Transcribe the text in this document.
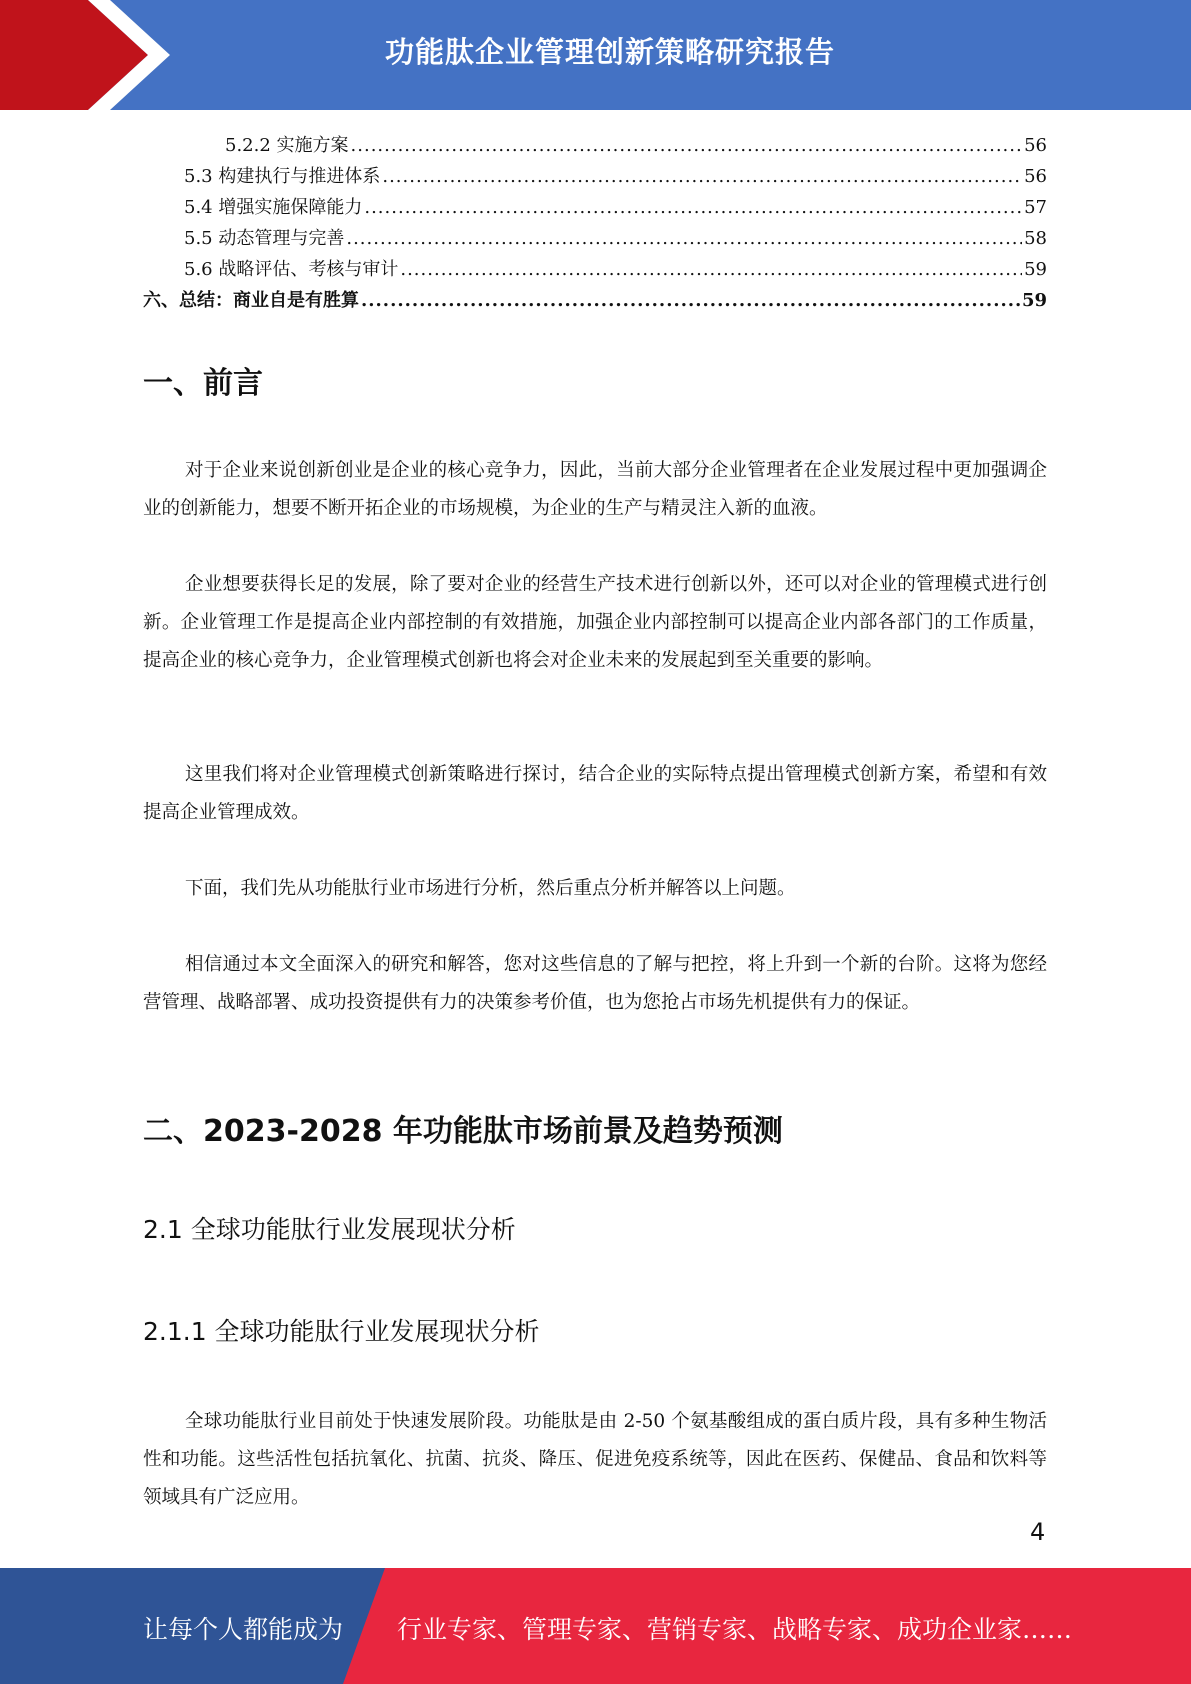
功能肽企业管理创新策略研究报告
5.2.2 实施方案 .....	56
5.3 构建执行与推进体系 .....	56
5.4 增强实施保障能力 .....	57
5.5 动态管理与完善 .....	58
5.6 战略评估、考核与审计 .....	59
六、总结：商业自是有胜算 .....	59
一、前言

对于企业来说创新创业是企业的核心竞争力，因此，当前大部分企业管理者在企业发展过程中更加强调企业的创新能力，想要不断开拓企业的市场规模，为企业的生产与精灵注入新的血液。

企业想要获得长足的发展，除了要对企业的经营生产技术进行创新以外，还可以对企业的管理模式进行创新。企业管理工作是提高企业内部控制的有效措施，加强企业内部控制可以提高企业内部各部门的工作质量，提高企业的核心竞争力，企业管理模式创新也将会对企业未来的发展起到至关重要的影响。

这里我们将对企业管理模式创新策略进行探讨，结合企业的实际特点提出管理模式创新方案，希望和有效提高企业管理成效。

下面，我们先从功能肽行业市场进行分析，然后重点分析并解答以上问题。

相信通过本文全面深入的研究和解答，您对这些信息的了解与把控，将上升到一个新的台阶。这将为您经营管理、战略部署、成功投资提供有力的决策参考价值，也为您抢占市场先机提供有力的保证。

二、2023-2028 年功能肽市场前景及趋势预测
2.1 全球功能肽行业发展现状分析
2.1.1 全球功能肽行业发展现状分析

全球功能肽行业目前处于快速发展阶段。功能肽是由 2-50 个氨基酸组成的蛋白质片段，具有多种生物活性和功能。这些活性包括抗氧化、抗菌、抗炎、降压、促进免疫系统等，因此在医药、保健品、食品和饮料等领域具有广泛应用。

4
让每个人都能成为 行业专家、管理专家、营销专家、战略专家、成功企业家……
